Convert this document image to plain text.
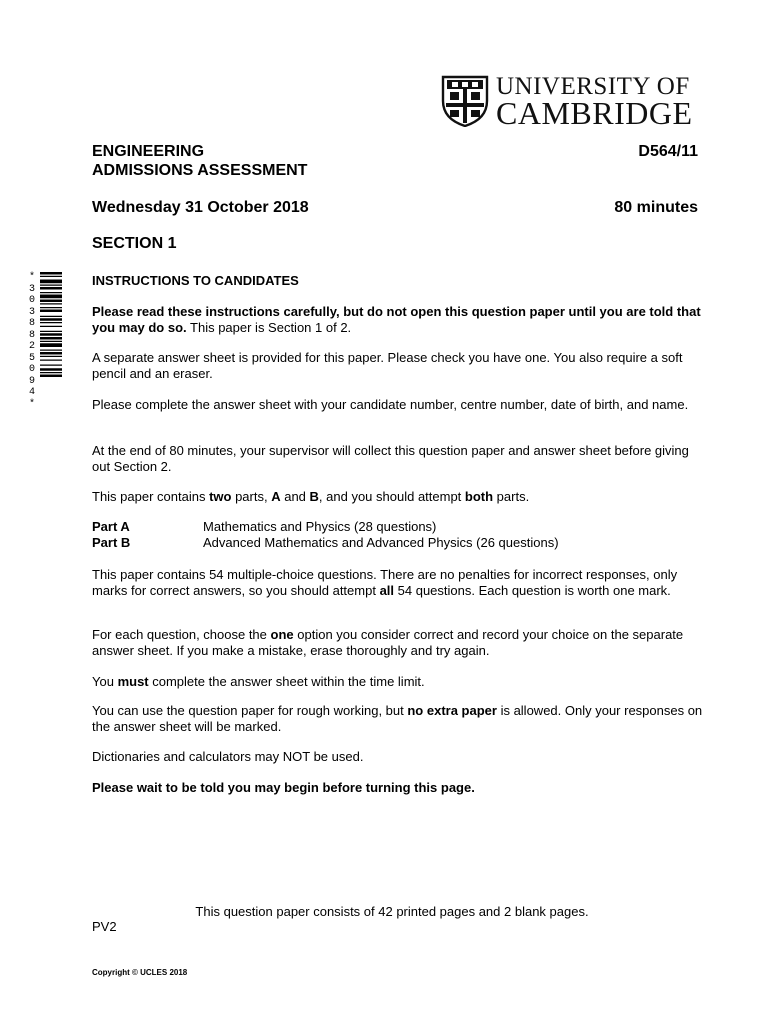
UNIVERSITY OF
CAMBRIDGE
ENGINEERING
ADMISSIONS ASSESSMENT
D564/11
Wednesday 31 October 2018	80 minutes
SECTION 1
*
3
0
3
8
8
2
5
0
9
4
*
INSTRUCTIONS TO CANDIDATES

Please read these instructions carefully, but do not open this question paper until you are told that you may do so. This paper is Section 1 of 2.

A separate answer sheet is provided for this paper. Please check you have one. You also require a soft pencil and an eraser.

Please complete the answer sheet with your candidate number, centre number, date of birth, and name.

At the end of 80 minutes, your supervisor will collect this question paper and answer sheet before giving out Section 2.

This paper contains two parts, A and B, and you should attempt both parts.

Part A	Mathematics and Physics (28 questions)
Part B	Advanced Mathematics and Advanced Physics (26 questions)

This paper contains 54 multiple-choice questions. There are no penalties for incorrect responses, only marks for correct answers, so you should attempt all 54 questions. Each question is worth one mark.

For each question, choose the one option you consider correct and record your choice on the separate answer sheet. If you make a mistake, erase thoroughly and try again.

You must complete the answer sheet within the time limit.

You can use the question paper for rough working, but no extra paper is allowed. Only your responses on the answer sheet will be marked.

Dictionaries and calculators may NOT be used.

Please wait to be told you may begin before turning this page.

This question paper consists of 42 printed pages and 2 blank pages.
PV2
Copyright © UCLES 2018
